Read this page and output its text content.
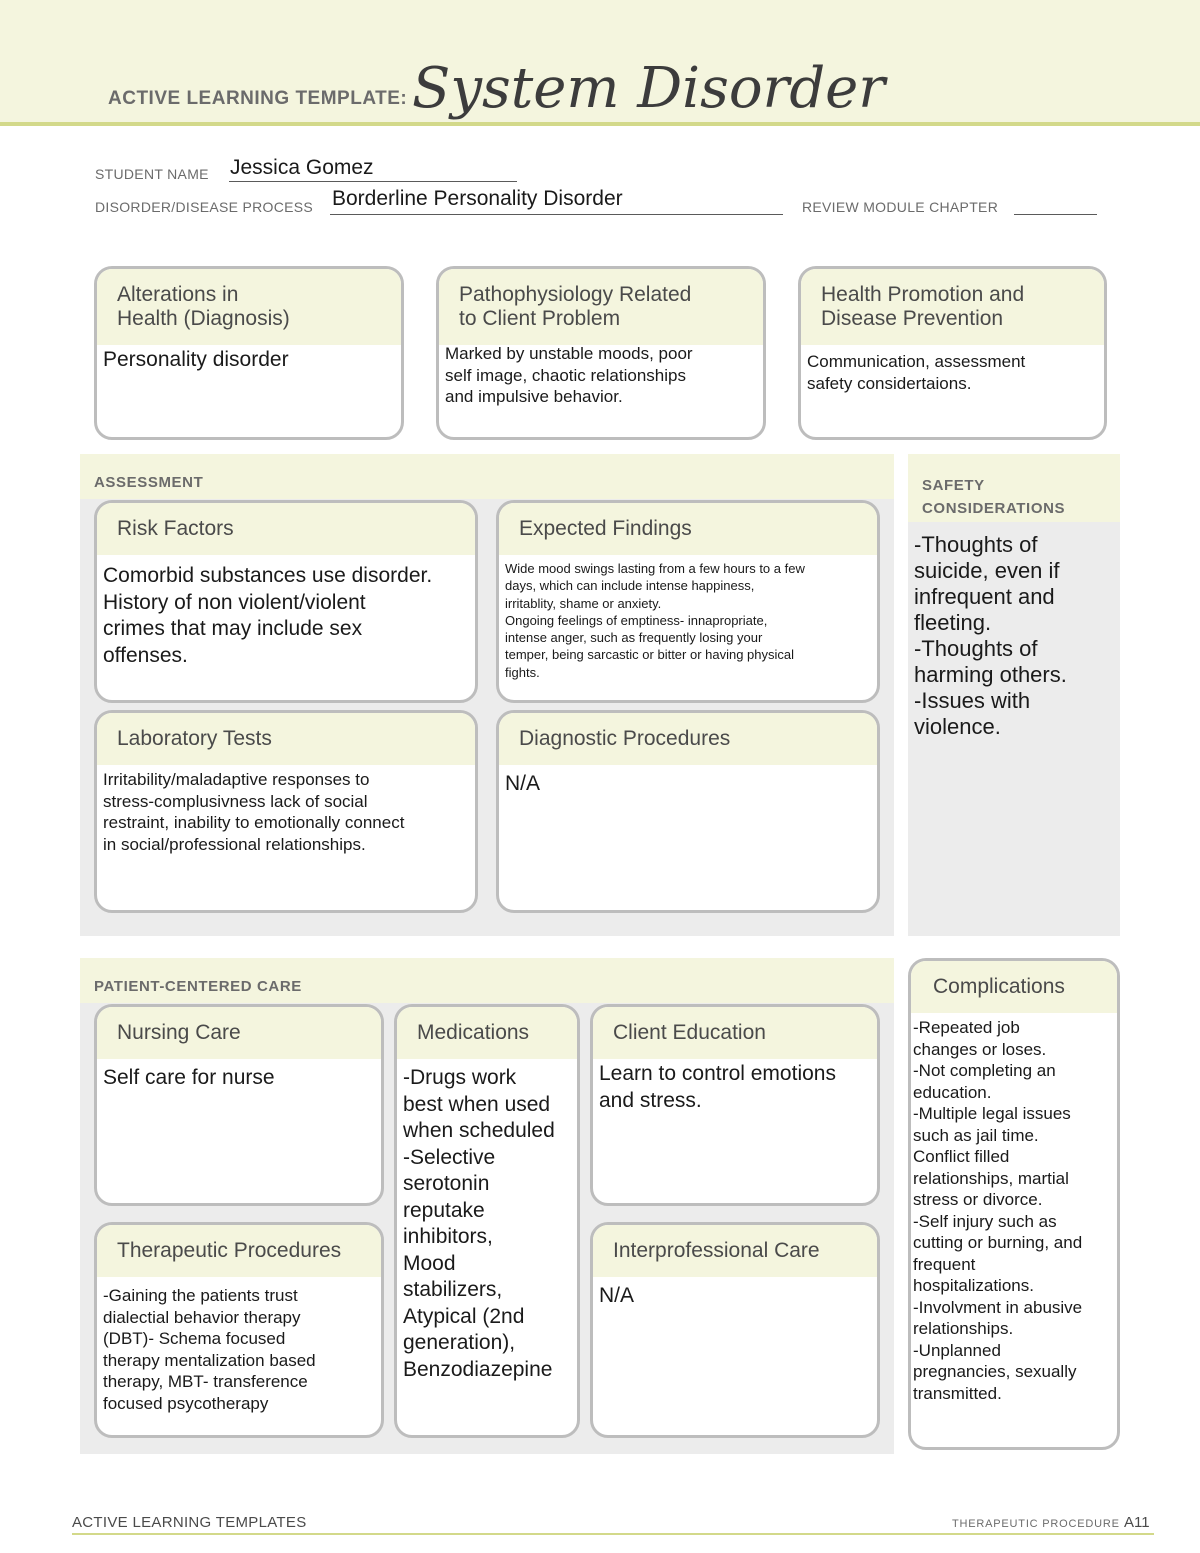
ACTIVE LEARNING TEMPLATE: System Disorder
STUDENT NAME Jessica Gomez
DISORDER/DISEASE PROCESS Borderline Personality Disorder	REVIEW MODULE CHAPTER
Alterations in
Health (Diagnosis)
Personality disorder
Pathophysiology Related
to Client Problem
Marked by unstable moods, poor
self image, chaotic relationships
and impulsive behavior.
Health Promotion and
Disease Prevention
Communication, assessment
safety considertaions.
ASSESSMENT
Risk Factors
Comorbid substances use disorder.
History of non violent/violent
crimes that may include sex
offenses.
Expected Findings
Wide mood swings lasting from a few hours to a few
days, which can include intense happiness,
irritablity, shame or anxiety.
Ongoing feelings of emptiness- innapropriate,
intense anger, such as frequently losing your
temper, being sarcastic or bitter or having physical
fights.
Laboratory Tests
Irritability/maladaptive responses to
stress-complusivness lack of social
restraint, inability to emotionally connect
in social/professional relationships.
Diagnostic Procedures
N/A
SAFETY
CONSIDERATIONS
-Thoughts of
suicide, even if
infrequent and
fleeting.
-Thoughts of
harming others.
-Issues with
violence.
PATIENT-CENTERED CARE
Nursing Care
Self care for nurse
Medications
-Drugs work
best when used
when scheduled
-Selective
serotonin
reputake
inhibitors,
Mood
stabilizers,
Atypical (2nd
generation),
Benzodiazepine
Client Education
Learn to control emotions
and stress.
Therapeutic Procedures
-Gaining the patients trust
dialectial behavior therapy
(DBT)- Schema focused
therapy mentalization based
therapy, MBT- transference
focused psycotherapy
Interprofessional Care
N/A
Complications
-Repeated job
changes or loses.
-Not completing an
education.
-Multiple legal issues
such as jail time.
Conflict filled
relationships, martial
stress or divorce.
-Self injury such as
cutting or burning, and
frequent
hospitalizations.
-Involvment in abusive
relationships.
-Unplanned
pregnancies, sexually
transmitted.
ACTIVE LEARNING TEMPLATES	THERAPEUTIC PROCEDURE A11
